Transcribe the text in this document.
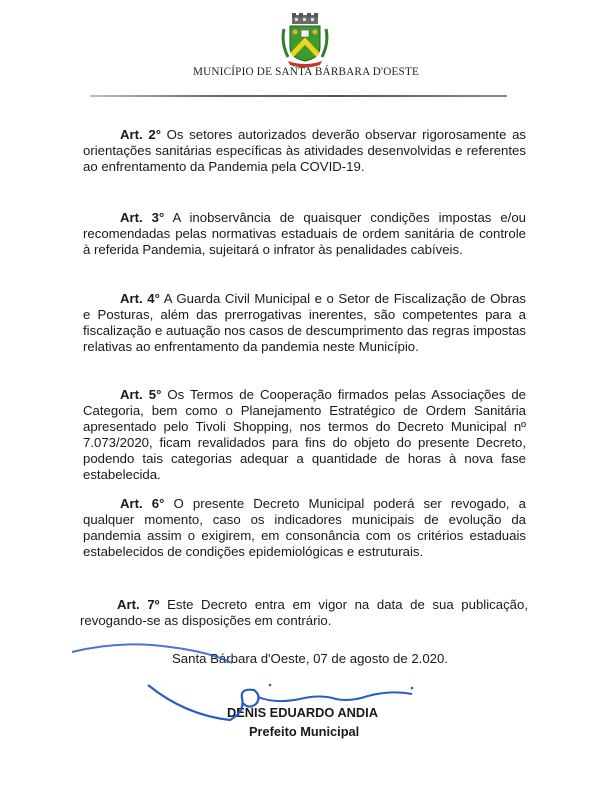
MUNICÍPIO DE SANTA BÁRBARA D'OESTE

Art. 2° Os setores autorizados deverão observar rigorosamente as orientações sanitárias específicas às atividades desenvolvidas e referentes ao enfrentamento da Pandemia pela COVID-19.

Art. 3° A inobservância de quaisquer condições impostas e/ou recomendadas pelas normativas estaduais de ordem sanitária de controle à referida Pandemia, sujeitará o infrator às penalidades cabíveis.

Art. 4° A Guarda Civil Municipal e o Setor de Fiscalização de Obras e Posturas, além das prerrogativas inerentes, são competentes para a fiscalização e autuação nos casos de descumprimento das regras impostas relativas ao enfrentamento da pandemia neste Município.

Art. 5° Os Termos de Cooperação firmados pelas Associações de Categoria, bem como o Planejamento Estratégico de Ordem Sanitária apresentado pelo Tivoli Shopping, nos termos do Decreto Municipal nº 7.073/2020, ficam revalidados para fins do objeto do presente Decreto, podendo tais categorias adequar a quantidade de horas à nova fase estabelecida.

Art. 6° O presente Decreto Municipal poderá ser revogado, a qualquer momento, caso os indicadores municipais de evolução da pandemia assim o exigirem, em consonância com os critérios estaduais estabelecidos de condições epidemiológicas e estruturais.

Art. 7º Este Decreto entra em vigor na data de sua publicação, revogando-se as disposições em contrário.

Santa Bárbara d'Oeste, 07 de agosto de 2.020.
DENIS EDUARDO ANDIA
Prefeito Municipal
